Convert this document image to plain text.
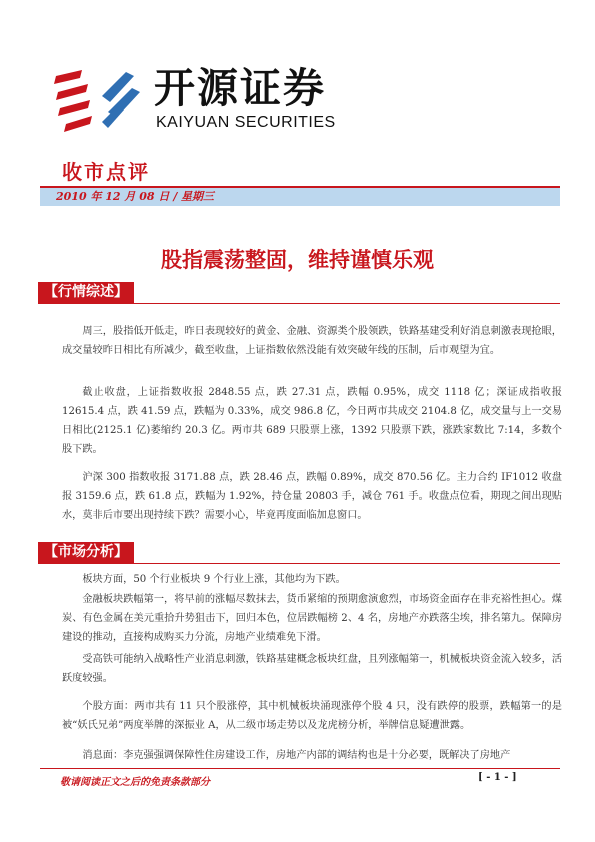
开源证券
KAIYUAN SECURITIES
收市点评
2010 年 12 月 08 日 / 星期三
股指震荡整固，维持谨慎乐观
【行情综述】
周三，股指低开低走，昨日表现较好的黄金、金融、资源类个股领跌，铁路基建受利好消息刺激表现抢眼，成交量较昨日相比有所减少，截至收盘，上证指数依然没能有效突破年线的压制，后市观望为宜。
截止收盘，上证指数收报 2848.55 点，跌 27.31 点，跌幅 0.95%，成交 1118 亿；深证成指收报 12615.4 点，跌 41.59 点，跌幅为 0.33%，成交 986.8 亿，今日两市共成交 2104.8 亿，成交量与上一交易日相比(2125.1 亿)萎缩约 20.3 亿。两市共 689 只股票上涨，1392 只股票下跌，涨跌家数比 7:14，多数个股下跌。
沪深 300 指数收报 3171.88 点，跌 28.46 点，跌幅 0.89%，成交 870.56 亿。主力合约 IF1012 收盘报 3159.6 点，跌 61.8 点，跌幅为 1.92%，持仓量 20803 手，减仓 761 手。收盘点位看，期现之间出现贴水，莫非后市要出现持续下跌？需要小心，毕竟再度面临加息窗口。
【市场分析】
板块方面，50 个行业板块 9 个行业上涨，其他均为下跌。
金融板块跌幅第一，将早前的涨幅尽数抹去，货币紧缩的预期愈演愈烈，市场资金面存在非充裕性担心。煤炭、有色金属在美元重拾升势狙击下，回归本色，位居跌幅榜 2、4 名，房地产亦跌落尘埃，排名第九。保障房建设的推动，直接构成购买力分流，房地产业绩难免下滑。
受高铁可能纳入战略性产业消息刺激，铁路基建概念板块红盘，且列涨幅第一，机械板块资金流入较多，活跃度较强。
个股方面：两市共有 11 只个股涨停，其中机械板块涌现涨停个股 4 只，没有跌停的股票，跌幅第一的是被“妖氏兄弟”两度举牌的深振业 A，从二级市场走势以及龙虎榜分析，举牌信息疑遭泄露。
消息面：李克强强调保障性住房建设工作，房地产内部的调结构也是十分必要，既解决了房地产
敬请阅读正文之后的免责条款部分	[ - 1 - ]
